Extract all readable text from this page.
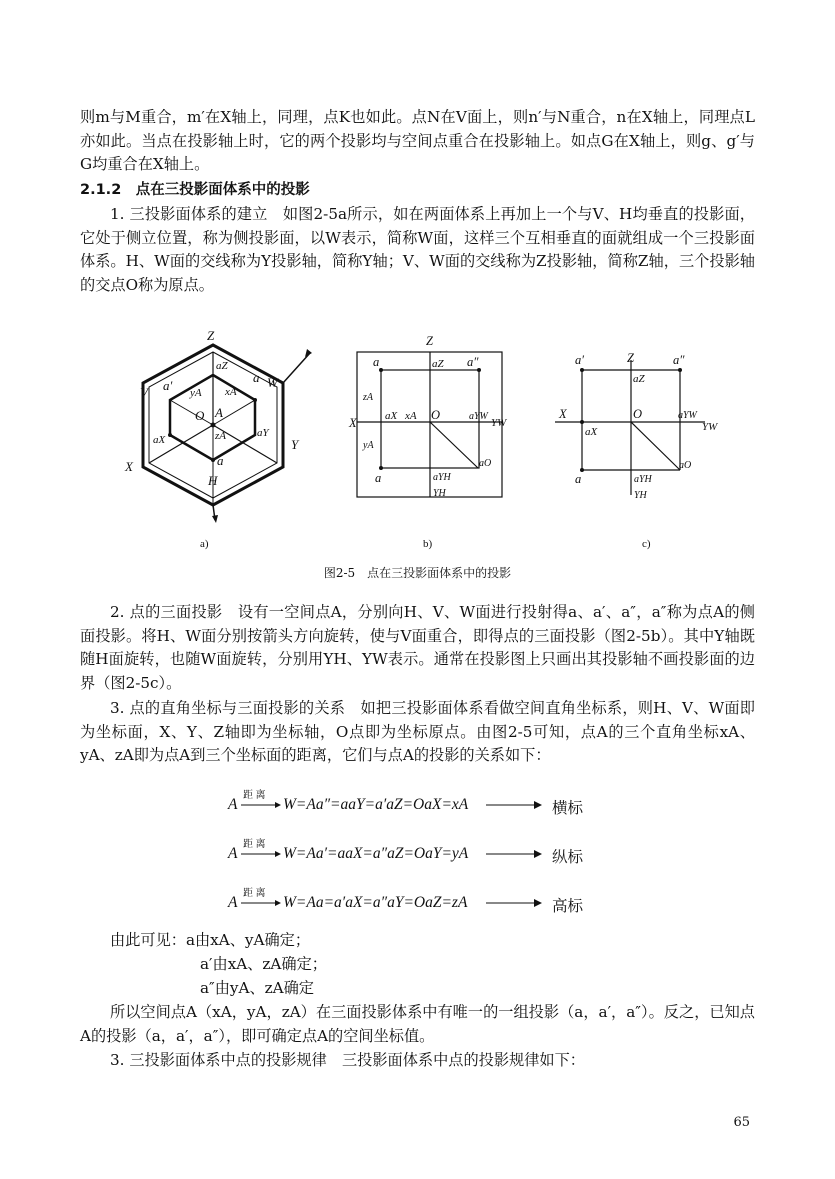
则m与M重合，m′在X轴上，同理，点K也如此。点N在V面上，则n′与N重合，n在X轴上，同理点L亦如此。当点在投影轴上时，它的两个投影均与空间点重合在投影轴上。如点G在X轴上，则g、g′与G均重合在X轴上。

2.1.2　点在三投影面体系中的投影

1. 三投影面体系的建立　如图2-5a所示，如在两面体系上再加上一个与V、H均垂直的投影面，它处于侧立位置，称为侧投影面，以W表示，简称W面，这样三个互相垂直的面就组成一个三投影面体系。H、W面的交线称为Y投影轴，简称Y轴；V、W面的交线称为Z投影轴，简称Z轴，三个投影轴的交点O称为原点。

2. 点的三面投影　设有一空间点A，分别向H、V、W面进行投射得a、a′、a″，a″称为点A的侧面投影。将H、W面分别按箭头方向旋转，使与V面重合，即得点的三面投影（图2-5b）。其中Y轴既随H面旋转，也随W面旋转，分别用YH、YW表示。通常在投影图上只画出其投影轴不画投影面的边界（图2-5c）。

3. 点的直角坐标与三面投影的关系　如把三投影面体系看做空间直角坐标系，则H、V、W面即为坐标面，X、Y、Z轴即为坐标轴，O点即为坐标原点。由图2-5可知，点A的三个直角坐标xA、yA、zA即为点A到三个坐标面的距离，它们与点A的投影的关系如下：

由此可见：a由xA、yA确定；

a′由xA、zA确定；

a″由yA、zA确定

所以空间点A（xA，yA，zA）在三面投影体系中有唯一的一组投影（a，a′，a″）。反之，已知点A的投影（a，a′，a″），即可确定点A的空间坐标值。

3. 三投影面体系中点的投影规律　三投影面体系中点的投影规律如下：

A
距 离
W=Aa″=aaY=a′aZ=OaX=xA	横标
A
距 离
W=Aa′=aaX=a″aZ=OaY=yA	纵标
A
距 离
W=Aa=a′aX=a″aY=OaZ=zA	高标
Z
V
W
X
Y
H
O A
aZ
a
a′ yA xA
zA
aX
aY
a
Z
a	aZ a″
zA
X	aX xA O	aYW
YW
yA
a	aYH
aO
YH
a′	Z	a″
aZ
X
aX
O	aYW
YW
a	aYH
aO
YH
a)	b)	c)
图2-5　点在三投影面体系中的投影
65
